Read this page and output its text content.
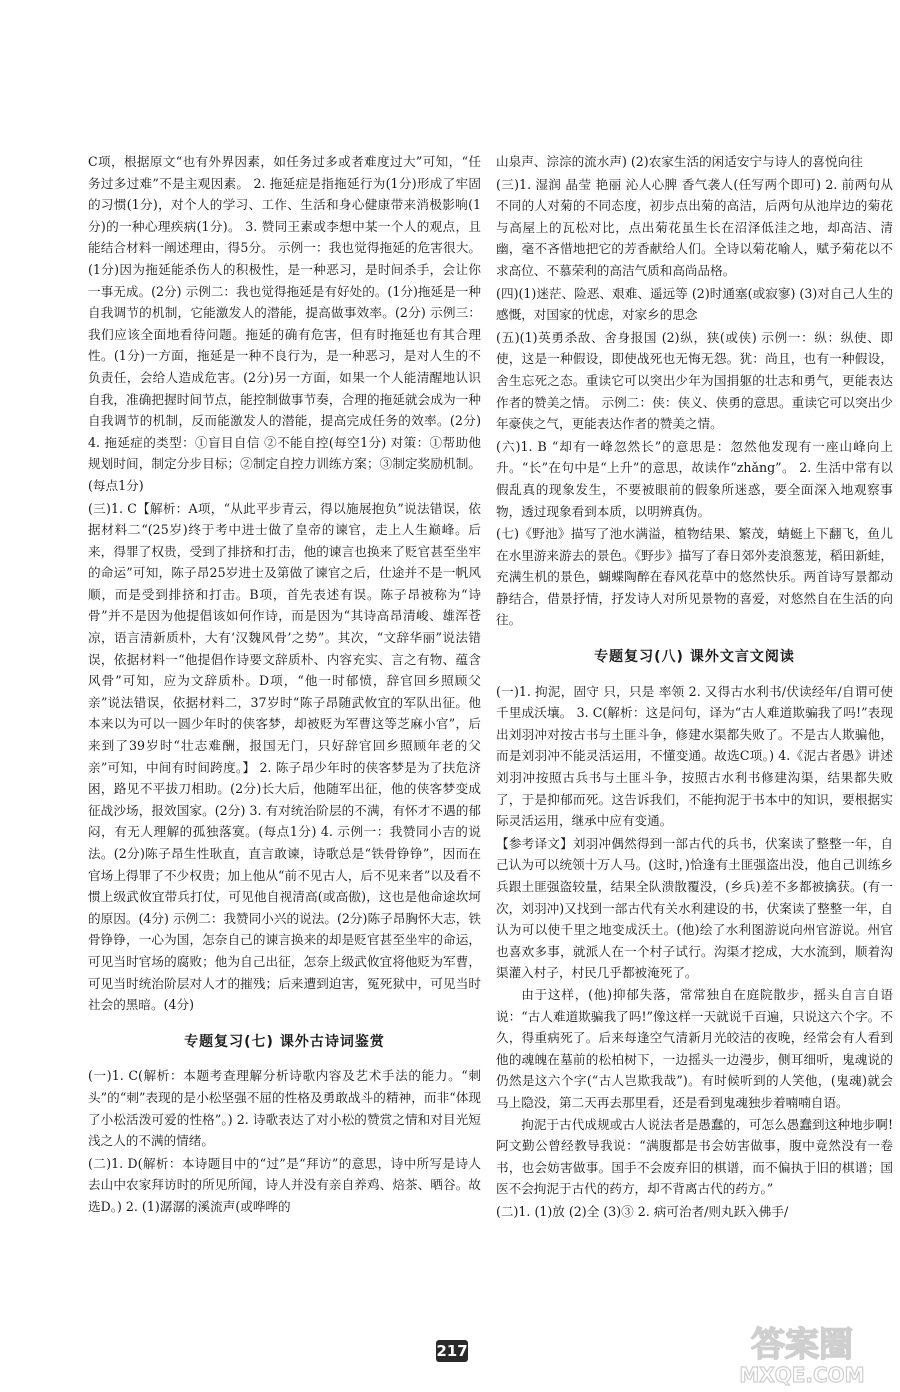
C项，根据原文“也有外界因素，如任务过多或者难度过大”可知，“任务过多过难”不是主观因素。 2. 拖延症是指拖延行为(1分)形成了牢固的习惯(1分)，对个人的学习、工作、生活和身心健康带来消极影响(1分)的一种心理疾病(1分)。 3. 赞同王素或李想中某一个人的观点，且能结合材料一阐述理由，得5分。 示例一：我也觉得拖延的危害很大。(1分)因为拖延能杀伤人的积极性，是一种恶习，是时间杀手，会让你一事无成。(2分) 示例二：我也觉得拖延是有好处的。(1分)拖延是一种自我调节的机制，它能激发人的潜能，提高做事效率。(2分) 示例三：我们应该全面地看待问题。拖延的确有危害，但有时拖延也有其合理性。(1分)一方面，拖延是一种不良行为，是一种恶习，是对人生的不负责任，会给人造成危害。(2分)另一方面，如果一个人能清醒地认识自我，准确把握时间节点，能控制做事节奏，合理的拖延就会成为一种自我调节的机制，反而能激发人的潜能，提高完成任务的效率。(2分) 4. 拖延症的类型：①盲目自信 ②不能自控(每空1分) 对策：①帮助他规划时间，制定分步目标；②制定自控力训练方案；③制定奖励机制。(每点1分)

(三)1. C【解析：A项，“从此平步青云，得以施展抱负”说法错误，依据材料二“(25岁)终于考中进士做了皇帝的谏官，走上人生巅峰。后来，得罪了权贵，受到了排挤和打击，他的谏言也换来了贬官甚至坐牢的命运”可知，陈子昂25岁进士及第做了谏官之后，仕途并不是一帆风顺，而是受到排挤和打击。B项，首先表述有误。陈子昂被称为“诗骨”并不是因为他提倡该如何作诗，而是因为“其诗高昂清峻、雄浑苍凉，语言清新质朴，大有‘汉魏风骨’之势”。其次，“文辞华丽”说法错误，依据材料一“他提倡作诗要文辞质朴、内容充实、言之有物、蕴含风骨”可知，应为文辞质朴。D项，“他一时郁愤，辞官回乡照顾父亲”说法错误，依据材料二，37岁时“陈子昂随武攸宜的军队出征。他本来以为可以一圆少年时的侠客梦，却被贬为军曹这等芝麻小官”，后来到了39岁时“壮志难酬，报国无门，只好辞官回乡照顾年老的父亲”可知，中间有时间跨度。】 2. 陈子昂少年时的侠客梦是为了扶危济困，路见不平拔刀相助。(2分)长大后，他随军出征，他的侠客梦变成征战沙场，报效国家。(2分) 3. 有对统治阶层的不满，有怀才不遇的郁闷，有无人理解的孤独落寞。(每点1分) 4. 示例一：我赞同小吉的说法。(2分)陈子昂生性耿直，直言敢谏，诗歌总是“铁骨铮铮”，因而在官场上得罪了不少权贵；加上他从“前不见古人，后不见来者”以及看不惯上级武攸宜带兵打仗，可见他自视清高(或高傲)，这也是他命途坎坷的原因。(4分) 示例二：我赞同小兴的说法。(2分)陈子昂胸怀大志，铁骨铮铮，一心为国，怎奈自己的谏言换来的却是贬官甚至坐牢的命运，可见当时官场的腐败；他为自己出征，怎奈上级武攸宜将他贬为军曹，可见当时统治阶层对人才的摧残；后来遭到迫害，冤死狱中，可见当时社会的黑暗。(4分)

专题复习(七) 课外古诗词鉴赏

(一)1. C(解析：本题考查理解分析诗歌内容及艺术手法的能力。“刺头”的“刺”表现的是小松坚强不屈的性格及勇敢战斗的精神，而非“体现了小松活泼可爱的性格”。) 2. 诗歌表达了对小松的赞赏之情和对目光短浅之人的不满的情绪。

(二)1. D(解析：本诗题目中的“过”是“拜访”的意思，诗中所写是诗人去山中农家拜访时的所见所闻，诗人并没有亲自养鸡、焙茶、晒谷。故选D。) 2. (1)潺潺的溪流声(或哗哗的

山泉声、淙淙的流水声) (2)农家生活的闲适安宁与诗人的喜悦向往

(三)1. 湿润 晶莹 艳丽 沁人心脾 香气袭人(任写两个即可) 2. 前两句从不同的人对菊的不同态度，初步点出菊的高洁，后两句从池岸边的菊花与高屋上的瓦松对比，点出菊花虽生长在沼泽低洼之地，却高洁、清幽，毫不吝惜地把它的芳香献给人们。全诗以菊花喻人，赋予菊花以不求高位、不慕荣利的高洁气质和高尚品格。

(四)(1)迷茫、险恶、艰难、遥远等 (2)时通塞(或寂寥) (3)对自己人生的感慨，对国家的忧虑，对家乡的思念

(五)(1)英勇杀敌、舍身报国 (2)纵，狭(或侠) 示例一：纵：纵使、即使，这是一种假设，即使战死也无悔无怨。犹：尚且，也有一种假设，舍生忘死之态。重读它可以突出少年为国捐躯的壮志和勇气，更能表达作者的赞美之情。 示例二：侠：侠义、侠勇的意思。重读它可以突出少年豪侠之气，更能表达作者的赞美之情。

(六)1. B “却有一峰忽然长”的意思是：忽然他发现有一座山峰向上升。“长”在句中是“上升”的意思，故读作“zhǎng”。 2. 生活中常有以假乱真的现象发生，不要被眼前的假象所迷惑，要全面深入地观察事物，透过现象看到本质，以明辨真伪。

(七)《野池》描写了池水满溢，植物结果、繁茂，蜻蜓上下翻飞，鱼儿在水里游来游去的景色。《野步》描写了春日郊外麦浪葱茏，稻田新蛙，充满生机的景色，蝴蝶陶醉在春风花草中的悠然快乐。两首诗写景都动静结合，借景抒情，抒发诗人对所见景物的喜爱，对悠然自在生活的向往。

专题复习(八) 课外文言文阅读

(一)1. 拘泥，固守 只，只是 率领 2. 又得古水利书/伏读经年/自谓可使千里成沃壤。 3. C(解析：这是问句，译为“古人难道欺骗我了吗!”表现出刘羽冲对按古书与土匪斗争，修建水渠都失败了。不是古人欺骗他，而是刘羽冲不能灵活运用，不懂变通。故选C项。) 4.《泥古者愚》讲述刘羽冲按照古兵书与土匪斗争，按照古水利书修建沟渠，结果都失败了，于是抑郁而死。这告诉我们，不能拘泥于书本中的知识，要根据实际灵活运用，继承中应有变通。

【参考译文】刘羽冲偶然得到一部古代的兵书，伏案读了整整一年，自己认为可以统领十万人马。(这时，)恰逢有土匪强盗出没，他自己训练乡兵跟土匪强盗较量，结果全队溃散覆没，(乡兵)差不多都被擒获。(有一次，刘羽冲)又找到一部古代有关水利建设的书，伏案读了整整一年，自认为可以使千里之地变成沃土。(他)绘了水利图游说向州官游说。州官也喜欢多事，就派人在一个村子试行。沟渠才挖成，大水流到，顺着沟渠灌入村子，村民几乎都被淹死了。

由于这样，(他)抑郁失落，常常独自在庭院散步，摇头自言自语说：“古人难道欺骗我了吗!”像这样一天就说千百遍，只说这六个字。不久，得重病死了。后来每逢空气清新月光皎洁的夜晚，经常会有人看到他的魂魄在墓前的松柏树下，一边摇头一边漫步，侧耳细听，鬼魂说的仍然是这六个字(“古人岂欺我哉”)。有时候听到的人笑他，(鬼魂)就会马上隐没，第二天再去那里看，还是看到鬼魂独步着喃喃自语。

拘泥于古代成规或古人说法者是愚蠢的，可怎么愚蠢到这种地步啊!阿文勤公曾经教导我说：“满腹都是书会妨害做事，腹中竟然没有一卷书，也会妨害做事。国手不会废弃旧的棋谱，而不偏执于旧的棋谱；国医不会拘泥于古代的药方，却不背离古代的药方。”

(二)1. (1)放 (2)全 (3)③ 2. 病可治者/则丸跃入佛手/

217	答案圈
MXQE.COM
